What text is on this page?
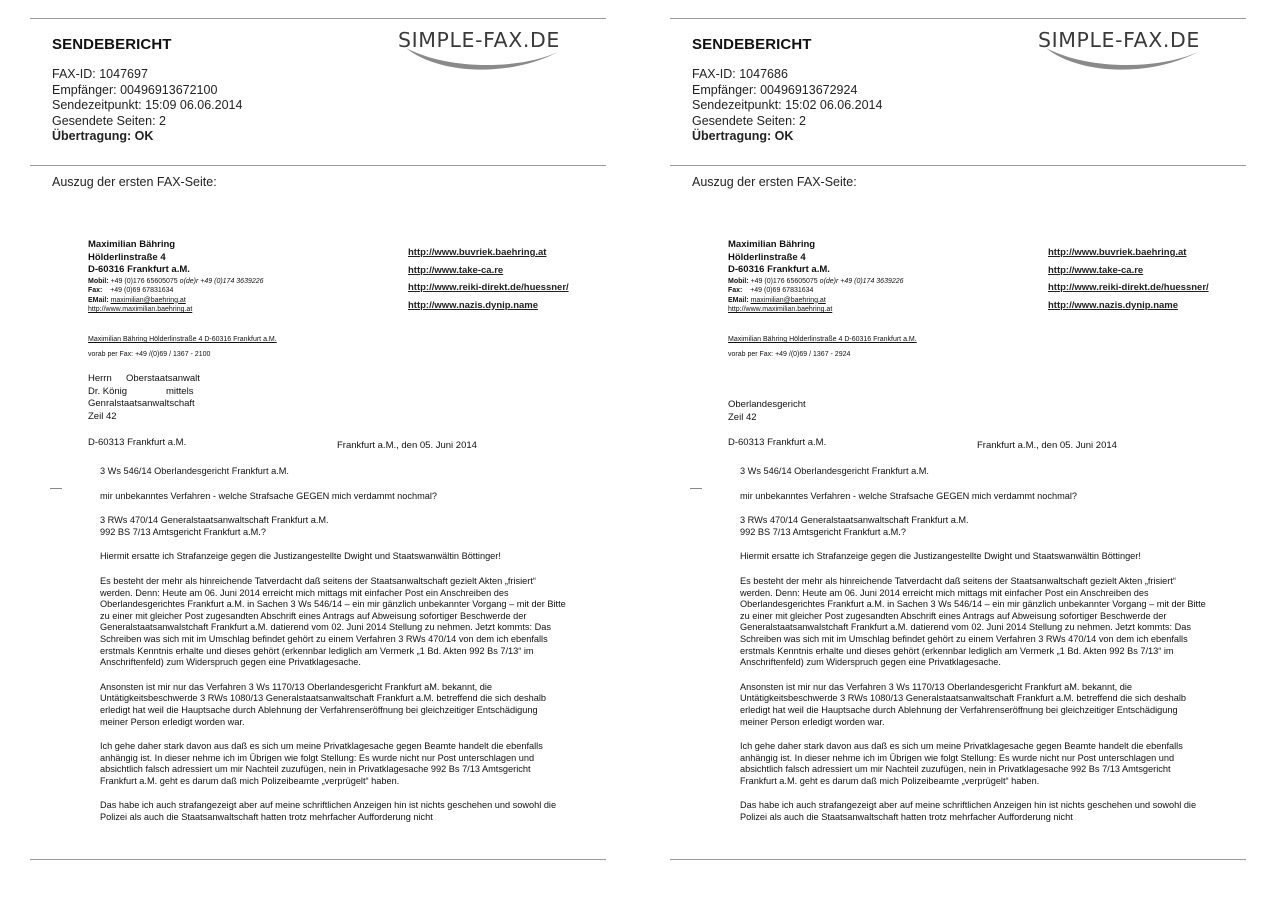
SENDEBERICHT	SIMPLE-FAX.DE
FAX-ID: 1047697
Empfänger: 00496913672100
Sendezeitpunkt: 15:09 06.06.2014
Gesendete Seiten: 2
Übertragung: OK
Auszug der ersten FAX-Seite:
Maximilian Bähring
Hölderlinstraße 4
D-60316 Frankfurt a.M.
Mobil: +49 (0)176 65605075 o(de)r +49 (0)174 3639226
Fax: +49 (0)69 67831634
EMail: maximilian@baehring.at
http://www.maximilian.baehring.at
http://www.buvriek.baehring.at
http://www.take-ca.re
http://www.reiki-direkt.de/huessner/
http://www.nazis.dynip.name
Maximilian Bähring Hölderlinstraße 4 D-60316 Frankfurt a.M.
vorab per Fax: +49 /(0)69 / 1367 - 2100
Herrn	Oberstaatsanwalt
Dr. König	mittels
Genralstaatsanwaltschaft
Zeil 42
D-60313 Frankfurt a.M.	Frankfurt a.M., den 05. Juni 2014

3 Ws 546/14 Oberlandesgericht Frankfurt a.M.

mir unbekanntes Verfahren - welche Strafsache GEGEN mich verdammt nochmal?

3 RWs 470/14 Generalstaatsanwaltschaft Frankfurt a.M.
992 BS 7/13 Amtsgericht Frankfurt a.M.?

Hiermit ersatte ich Strafanzeige gegen die Justizangestellte Dwight und Staatswanwältin Böttinger!

Es besteht der mehr als hinreichende Tatverdacht daß seitens der Staatsanwaltschaft gezielt Akten „frisiert“ werden. Denn: Heute am 06. Juni 2014 erreicht mich mittags mit einfacher Post ein Anschreiben des Oberlandesgerichtes Frankfurt a.M. in Sachen 3 Ws 546/14 – ein mir gänzlich unbekannter Vorgang – mit der Bitte zu einer mit gleicher Post zugesandten Abschrift eines Antrags auf Abweisung sofortiger Beschwerde der Generalstaatsanwalstchaft Frankfurt a.M. datierend vom 02. Juni 2014 Stellung zu nehmen. Jetzt kommts: Das Schreiben was sich mit im Umschlag befindet gehört zu einem Verfahren 3 RWs 470/14 von dem ich ebenfalls erstmals Kenntnis erhalte und dieses gehört (erkennbar lediglich am Vermerk „1 Bd. Akten 992 Bs 7/13“ im Anschriftenfeld) zum Widerspruch gegen eine Privatklagesache.

Ansonsten ist mir nur das Verfahren 3 Ws 1170/13 Oberlandesgericht Frankfurt aM. bekannt, die Untätigkeitsbeschwerde 3 RWs 1080/13 Generalstaatsanwaltschaft Frankfurt a.M. betreffend die sich deshalb erledigt hat weil die Hauptsache durch Ablehnung der Verfahrenseröffnung bei gleichzeitiger Entschädigung meiner Person erledigt worden war.

Ich gehe daher stark davon aus daß es sich um meine Privatklagesache gegen Beamte handelt die ebenfalls anhängig ist. In dieser nehme ich im Übrigen wie folgt Stellung: Es wurde nicht nur Post unterschlagen und absichtlich falsch adressiert um mir Nachteil zuzufügen, nein in Privatklagesache 992 Bs 7/13 Amtsgericht Frankfurt a.M. geht es darum daß mich Polizeibeamte „verprügelt“ haben.

Das habe ich auch strafangezeigt aber auf meine schriftlichen Anzeigen hin ist nichts geschehen und sowohl die Polizei als auch die Staatsanwaltschaft hatten trotz mehrfacher Aufforderung nicht

SENDEBERICHT	SIMPLE-FAX.DE
FAX-ID: 1047686
Empfänger: 00496913672924
Sendezeitpunkt: 15:02 06.06.2014
Gesendete Seiten: 2
Übertragung: OK
Auszug der ersten FAX-Seite:
Maximilian Bähring
Hölderlinstraße 4
D-60316 Frankfurt a.M.
Mobil: +49 (0)176 65605075 o(de)r +49 (0)174 3639226
Fax: +49 (0)69 67831634
EMail: maximilian@baehring.at
http://www.maximilian.baehring.at
http://www.buvriek.baehring.at
http://www.take-ca.re
http://www.reiki-direkt.de/huessner/
http://www.nazis.dynip.name
Maximilian Bähring Hölderlinstraße 4 D-60316 Frankfurt a.M.
vorab per Fax: +49 /(0)69 / 1367 - 2924
Oberlandesgericht
Zeil 42
D-60313 Frankfurt a.M.	Frankfurt a.M., den 05. Juni 2014

3 Ws 546/14 Oberlandesgericht Frankfurt a.M.

mir unbekanntes Verfahren - welche Strafsache GEGEN mich verdammt nochmal?

3 RWs 470/14 Generalstaatsanwaltschaft Frankfurt a.M.
992 BS 7/13 Amtsgericht Frankfurt a.M.?

Hiermit ersatte ich Strafanzeige gegen die Justizangestellte Dwight und Staatswanwältin Böttinger!

Es besteht der mehr als hinreichende Tatverdacht daß seitens der Staatsanwaltschaft gezielt Akten „frisiert“ werden. Denn: Heute am 06. Juni 2014 erreicht mich mittags mit einfacher Post ein Anschreiben des Oberlandesgerichtes Frankfurt a.M. in Sachen 3 Ws 546/14 – ein mir gänzlich unbekannter Vorgang – mit der Bitte zu einer mit gleicher Post zugesandten Abschrift eines Antrags auf Abweisung sofortiger Beschwerde der Generalstaatsanwalstchaft Frankfurt a.M. datierend vom 02. Juni 2014 Stellung zu nehmen. Jetzt kommts: Das Schreiben was sich mit im Umschlag befindet gehört zu einem Verfahren 3 RWs 470/14 von dem ich ebenfalls erstmals Kenntnis erhalte und dieses gehört (erkennbar lediglich am Vermerk „1 Bd. Akten 992 Bs 7/13“ im Anschriftenfeld) zum Widerspruch gegen eine Privatklagesache.

Ansonsten ist mir nur das Verfahren 3 Ws 1170/13 Oberlandesgericht Frankfurt aM. bekannt, die Untätigkeitsbeschwerde 3 RWs 1080/13 Generalstaatsanwaltschaft Frankfurt a.M. betreffend die sich deshalb erledigt hat weil die Hauptsache durch Ablehnung der Verfahrenseröffnung bei gleichzeitiger Entschädigung meiner Person erledigt worden war.

Ich gehe daher stark davon aus daß es sich um meine Privatklagesache gegen Beamte handelt die ebenfalls anhängig ist. In dieser nehme ich im Übrigen wie folgt Stellung: Es wurde nicht nur Post unterschlagen und absichtlich falsch adressiert um mir Nachteil zuzufügen, nein in Privatklagesache 992 Bs 7/13 Amtsgericht Frankfurt a.M. geht es darum daß mich Polizeibeamte „verprügelt“ haben.

Das habe ich auch strafangezeigt aber auf meine schriftlichen Anzeigen hin ist nichts geschehen und sowohl die Polizei als auch die Staatsanwaltschaft hatten trotz mehrfacher Aufforderung nicht
